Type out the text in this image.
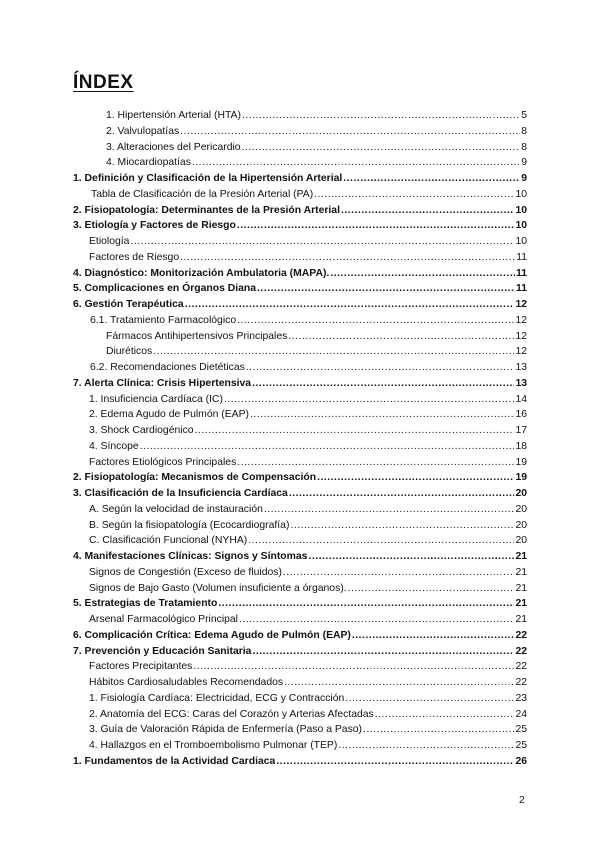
ÍNDEX
1. Hipertensión Arterial (HTA) .....	5
2. Valvulopatías .....	8
3. Alteraciones del Pericardio .....	8
4. Miocardiopatías .....	9
1. Definición y Clasificación de la Hipertensión Arterial .....	9
Tabla de Clasificación de la Presión Arterial (PA) .....	10
2. Fisiopatología: Determinantes de la Presión Arterial .....	10
3. Etiología y Factores de Riesgo .....	10
Etiología .....	10
Factores de Riesgo .....	11
4. Diagnóstico: Monitorización Ambulatoria (MAPA). .....	11
5. Complicaciones en Órganos Diana .....	11
6. Gestión Terapéutica .....	12
6.1. Tratamiento Farmacológico .....	12
Fármacos Antihipertensivos Principales .....	12
Diuréticos .....	12
6.2. Recomendaciones Dietéticas .....	13
7. Alerta Clínica: Crisis Hipertensiva .....	13
1. Insuficiencia Cardíaca (IC) .....	14
2. Edema Agudo de Pulmón (EAP) .....	16
3. Shock Cardiogénico .....	17
4. Síncope .....	18
Factores Etiológicos Principales .....	19
2. Fisiopatología: Mecanismos de Compensación .....	19
3. Clasificación de la Insuficiencia Cardíaca .....	20
A. Según la velocidad de instauración .....	20
B. Según la fisiopatología (Ecocardiografía) .....	20
C. Clasificación Funcional (NYHA) .....	20
4. Manifestaciones Clínicas: Signos y Síntomas .....	21
Signos de Congestión (Exceso de fluidos) .....	21
Signos de Bajo Gasto (Volumen insuficiente a órganos). .....	21
5. Estrategias de Tratamiento .....	21
Arsenal Farmacológico Principal .....	21
6. Complicación Crítica: Edema Agudo de Pulmón (EAP) .....	22
7. Prevención y Educación Sanitaria .....	22
Factores Precipitantes .....	22
Hábitos Cardiosaludables Recomendados .....	22
1. Fisiología Cardíaca: Electricidad, ECG y Contracción .....	23
2. Anatomía del ECG: Caras del Corazón y Arterias Afectadas .....	24
3. Guía de Valoración Rápida de Enfermería (Paso a Paso) .....	25
4. Hallazgos en el Tromboembolismo Pulmonar (TEP) .....	25
1. Fundamentos de la Actividad Cardiaca .....	26
2
